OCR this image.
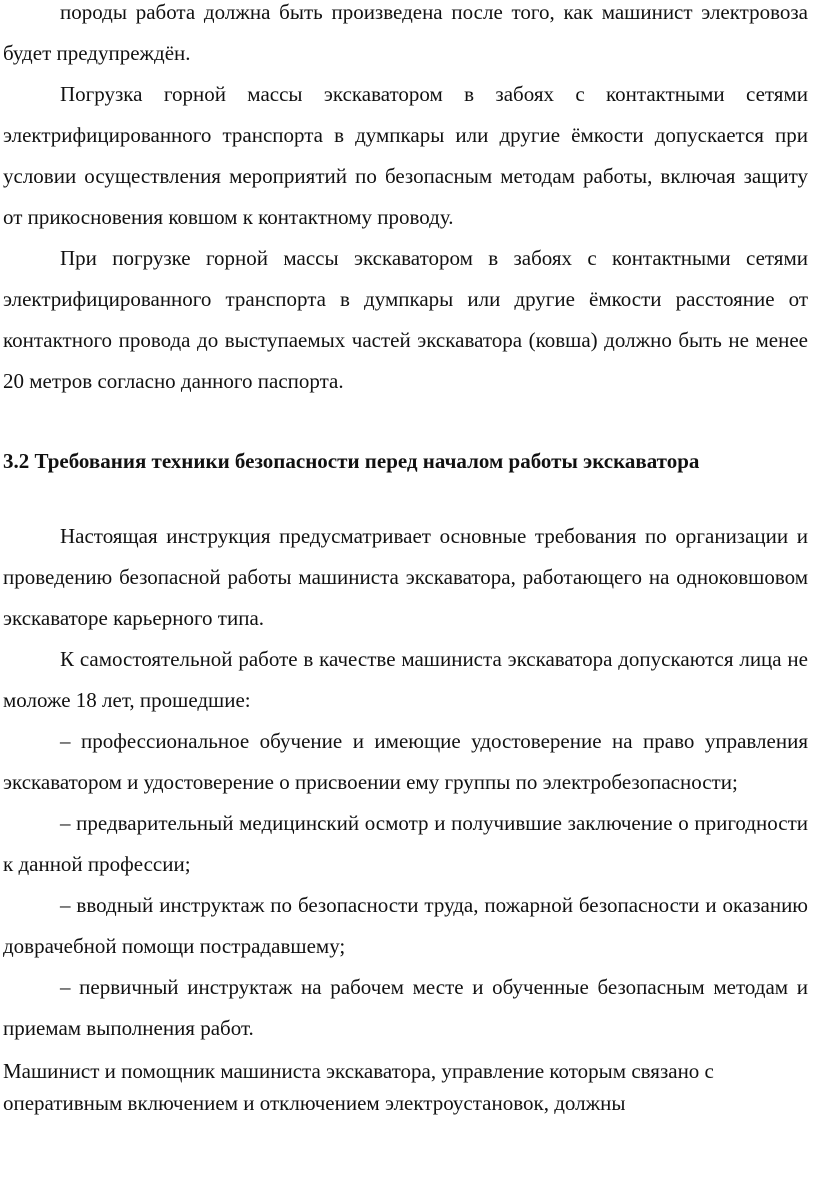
породы работа должна быть произведена после того, как машинист электровоза будет предупреждён.

Погрузка горной массы экскаватором в забоях с контактными сетями электрифицированного транспорта в думпкары или другие ёмкости допускается при условии осуществления мероприятий по безопасным методам работы, включая защиту от прикосновения ковшом к контактному проводу.

При погрузке горной массы экскаватором в забоях с контактными сетями электрифицированного транспорта в думпкары или другие ёмкости расстояние от контактного провода до выступаемых частей экскаватора (ковша) должно быть не менее 20 метров согласно данного паспорта.

3.2 Требования техники безопасности перед началом работы экскаватора

Настоящая инструкция предусматривает основные требования по организации и проведению безопасной работы машиниста экскаватора, работающего на одноковшовом экскаваторе карьерного типа.

К самостоятельной работе в качестве машиниста экскаватора допускаются лица не моложе 18 лет, прошедшие:

– профессиональное обучение и имеющие удостоверение на право управления экскаватором и удостоверение о присвоении ему группы по электробезопасности;

– предварительный медицинский осмотр и получившие заключение о пригодности к данной профессии;

– вводный инструктаж по безопасности труда, пожарной безопасности и оказанию доврачебной помощи пострадавшему;

– первичный инструктаж на рабочем месте и обученные безопасным методам и приемам выполнения работ.

Машинист и помощник машиниста экскаватора, управление которым связано с оперативным включением и отключением электроустановок, должны
